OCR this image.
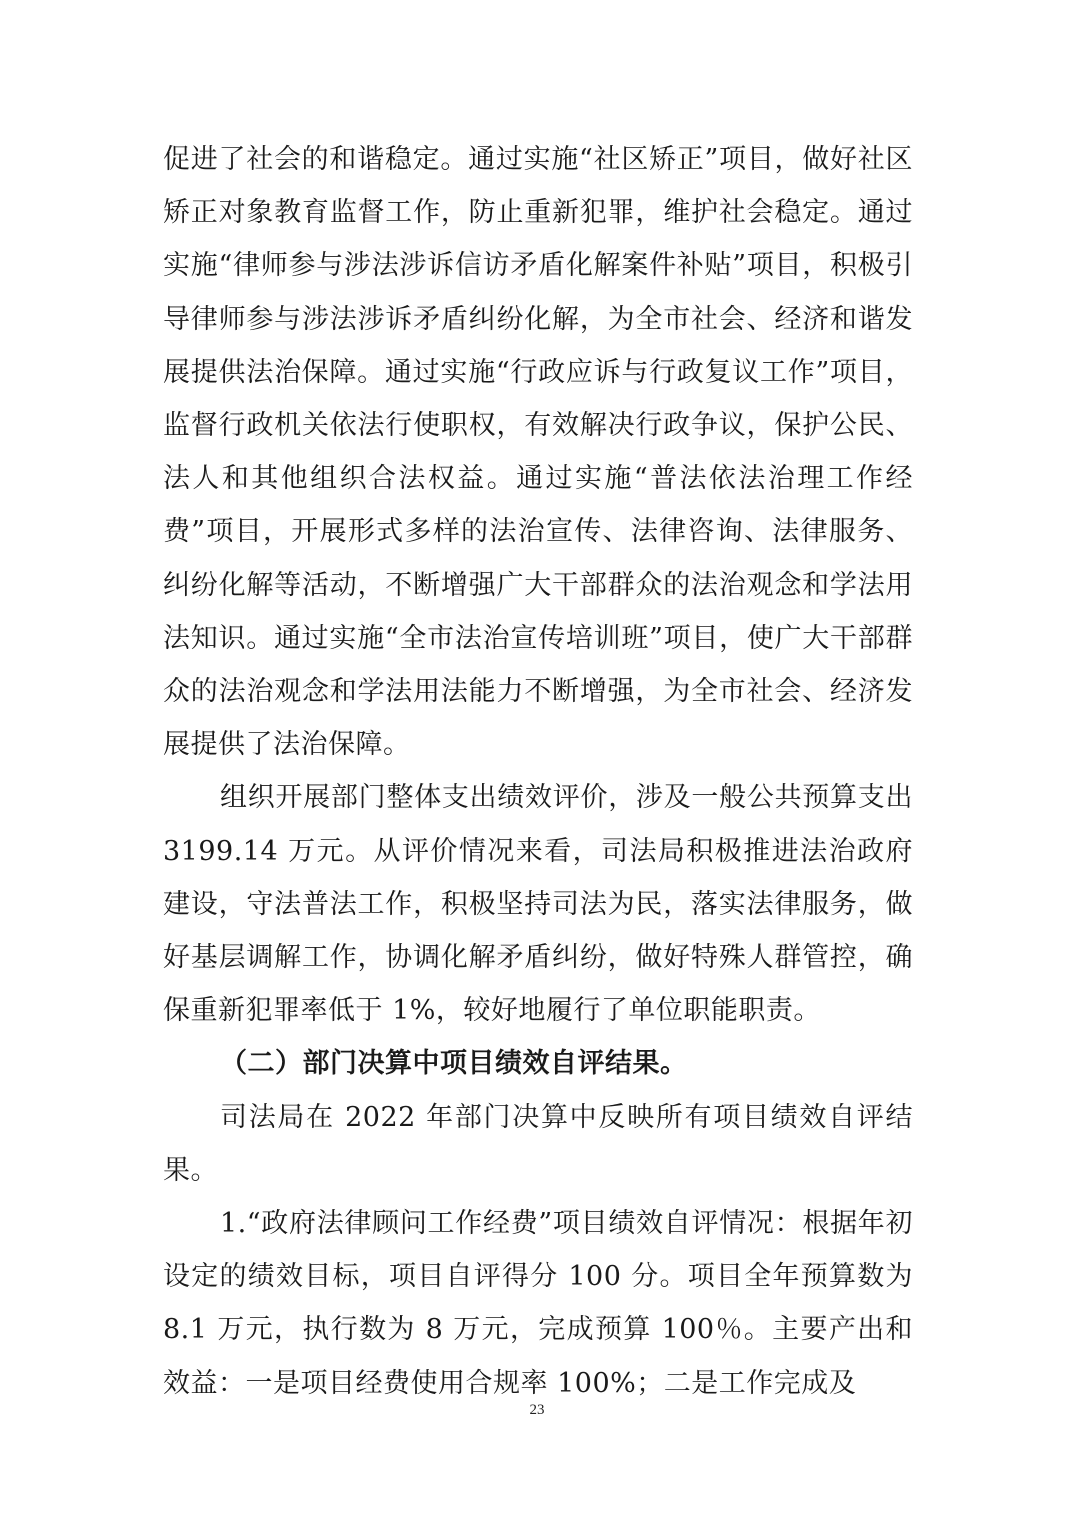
促进了社会的和谐稳定。通过实施“社区矫正”项目，做好社区矫正对象教育监督工作，防止重新犯罪，维护社会稳定。通过实施“律师参与涉法涉诉信访矛盾化解案件补贴”项目，积极引导律师参与涉法涉诉矛盾纠纷化解，为全市社会、经济和谐发展提供法治保障。通过实施“行政应诉与行政复议工作”项目，监督行政机关依法行使职权，有效解决行政争议，保护公民、法人和其他组织合法权益。通过实施“普法依法治理工作经费”项目，开展形式多样的法治宣传、法律咨询、法律服务、纠纷化解等活动，不断增强广大干部群众的法治观念和学法用法知识。通过实施“全市法治宣传培训班”项目，使广大干部群众的法治观念和学法用法能力不断增强，为全市社会、经济发展提供了法治保障。

组织开展部门整体支出绩效评价，涉及一般公共预算支出 3199.14 万元。从评价情况来看，司法局积极推进法治政府建设，守法普法工作，积极坚持司法为民，落实法律服务，做好基层调解工作，协调化解矛盾纠纷，做好特殊人群管控，确保重新犯罪率低于 1%，较好地履行了单位职能职责。

（二）部门决算中项目绩效自评结果。

司法局在 2022 年部门决算中反映所有项目绩效自评结果。

1.“政府法律顾问工作经费”项目绩效自评情况：根据年初设定的绩效目标，项目自评得分 100 分。项目全年预算数为 8.1 万元，执行数为 8 万元，完成预算 100％。主要产出和效益：一是项目经费使用合规率 100%；二是工作完成及

23
